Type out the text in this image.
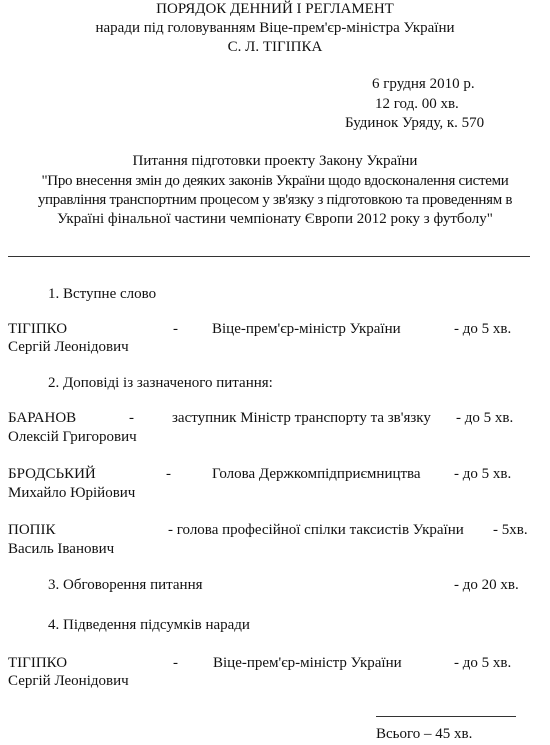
ПОРЯДОК ДЕННИЙ І РЕГЛАМЕНТ
наради під головуванням Віце-прем'єр-міністра України
С. Л. ТІГІПКА
6 грудня 2010 р.
12 год. 00 хв.
Будинок Уряду, к. 570
Питання підготовки проекту Закону України
"Про внесення змін до деяких законів України щодо вдосконалення системи
управління транспортним процесом у зв'язку з підготовкою та проведенням в
Україні фінальної частини чемпіонату Європи 2012 року з футболу"
1. Вступне слово
ТІГІПКО	- Віце-прем'єр-міністр України	- до 5 хв.
Сергій Леонідович
2. Доповіді із зазначеного питання:
БАРАНОВ	-	заступник Міністр транспорту та зв'язку - до 5 хв.
Олексій Григорович
БРОДСЬКИЙ	-	Голова Держкомпідприємництва - до 5 хв.
Михайло Юрійович
ПОПІК	- голова професійної спілки таксистів України - 5хв.
Василь Іванович
3. Обговорення питання	- до 20 хв.
4. Підведення підсумків наради
ТІГІПКО	- Віце-прем'єр-міністр України	- до 5 хв.
Сергій Леонідович
Всього – 45 хв.
